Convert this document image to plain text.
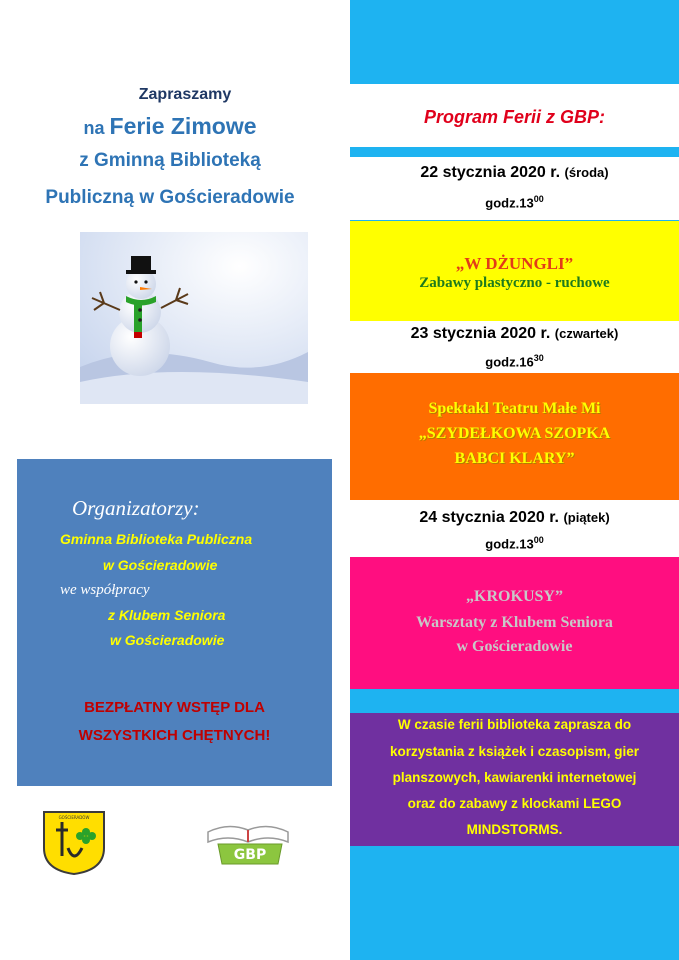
Zapraszamy
na Ferie Zimowe
z Gminną Biblioteką
Publiczną w Gościeradowie
Organizatorzy:
Gminna Biblioteka Publiczna
w Gościeradowie
we współpracy
z Klubem Seniora
w Gościeradowie
BEZPŁATNY WSTĘP DLA
WSZYSTKICH CHĘTNYCH!
GOŚCIERADÓW
GBP
Program Ferii z GBP:
22 stycznia 2020 r. (środa)
$godz.13^{00}$
„W DŻUNGLI”
Zabawy plastyczno - ruchowe
23 stycznia 2020 r. (czwartek)
$godz.16^{30}$
Spektakl Teatru Małe Mi
„SZYDEŁKOWA SZOPKA
BABCI KLARY”
24 stycznia 2020 r. (piątek)
$godz.13^{00}$
„KROKUSY”
Warsztaty z Klubem Seniora
w Gościeradowie
W czasie ferii biblioteka zaprasza do
korzystania z książek i czasopism, gier
planszowych, kawiarenki internetowej
oraz do zabawy z klockami LEGO
MINDSTORMS.
